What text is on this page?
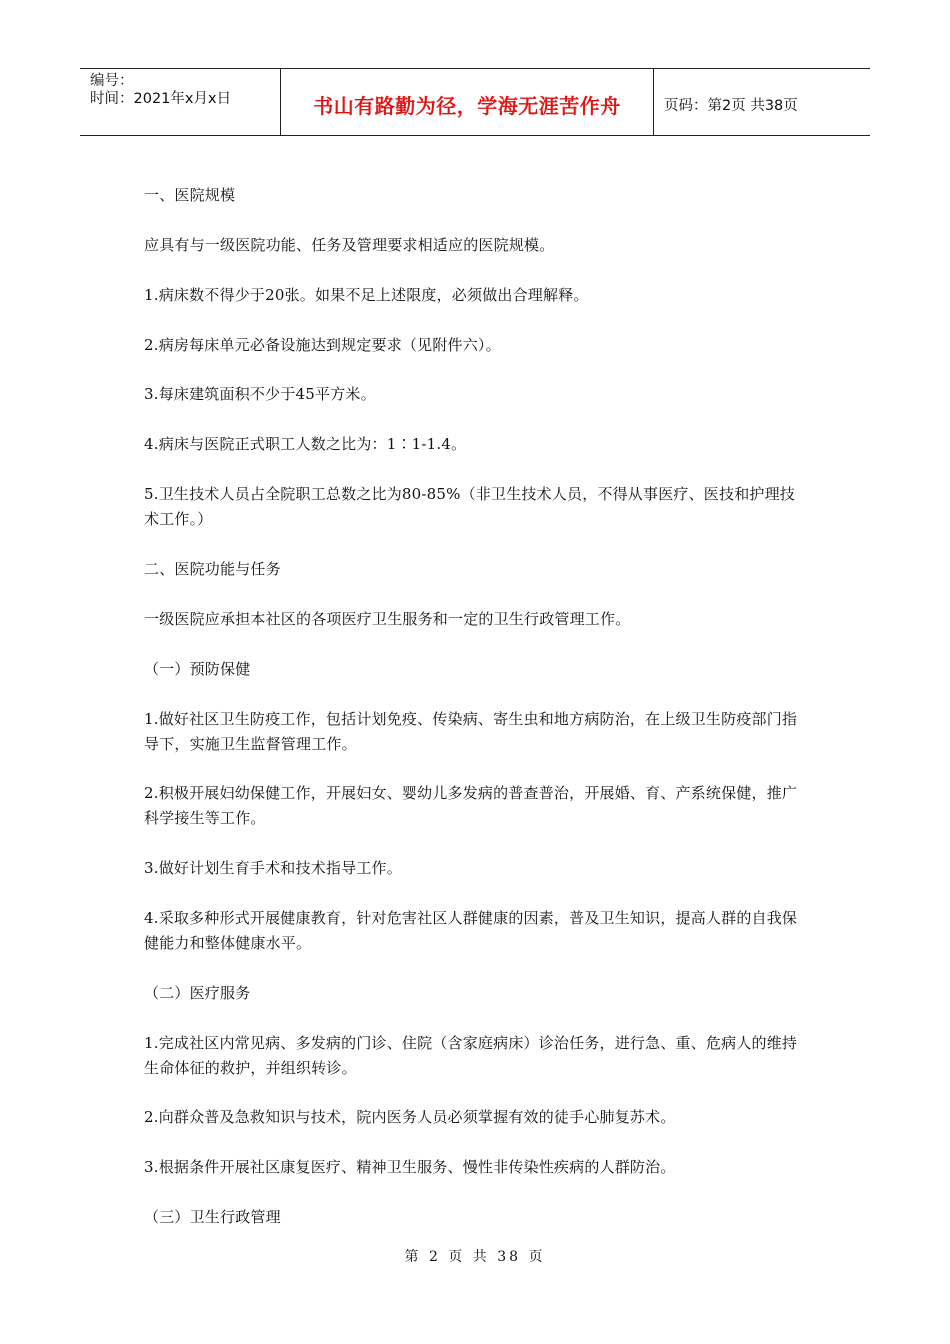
编号：
时间：2021年x月x日	书山有路勤为径，学海无涯苦作舟	页码：第2页 共38页

一、医院规模

应具有与一级医院功能、任务及管理要求相适应的医院规模。

1.病床数不得少于20张。如果不足上述限度，必须做出合理解释。

2.病房每床单元必备设施达到规定要求（见附件六）。

3.每床建筑面积不少于45平方米。

4.病床与医院正式职工人数之比为：1∶1-1.4。

5.卫生技术人员占全院职工总数之比为80-85%（非卫生技术人员，不得从事医疗、医技和护理技术工作。）

二、医院功能与任务

一级医院应承担本社区的各项医疗卫生服务和一定的卫生行政管理工作。

（一）预防保健

1.做好社区卫生防疫工作，包括计划免疫、传染病、寄生虫和地方病防治，在上级卫生防疫部门指导下，实施卫生监督管理工作。

2.积极开展妇幼保健工作，开展妇女、婴幼儿多发病的普查普治，开展婚、育、产系统保健，推广科学接生等工作。

3.做好计划生育手术和技术指导工作。

4.采取多种形式开展健康教育，针对危害社区人群健康的因素，普及卫生知识，提高人群的自我保健能力和整体健康水平。

（二）医疗服务

1.完成社区内常见病、多发病的门诊、住院（含家庭病床）诊治任务，进行急、重、危病人的维持生命体征的救护，并组织转诊。

2.向群众普及急救知识与技术，院内医务人员必须掌握有效的徒手心肺复苏术。

3.根据条件开展社区康复医疗、精神卫生服务、慢性非传染性疾病的人群防治。

（三）卫生行政管理

第 2 页 共 38 页
